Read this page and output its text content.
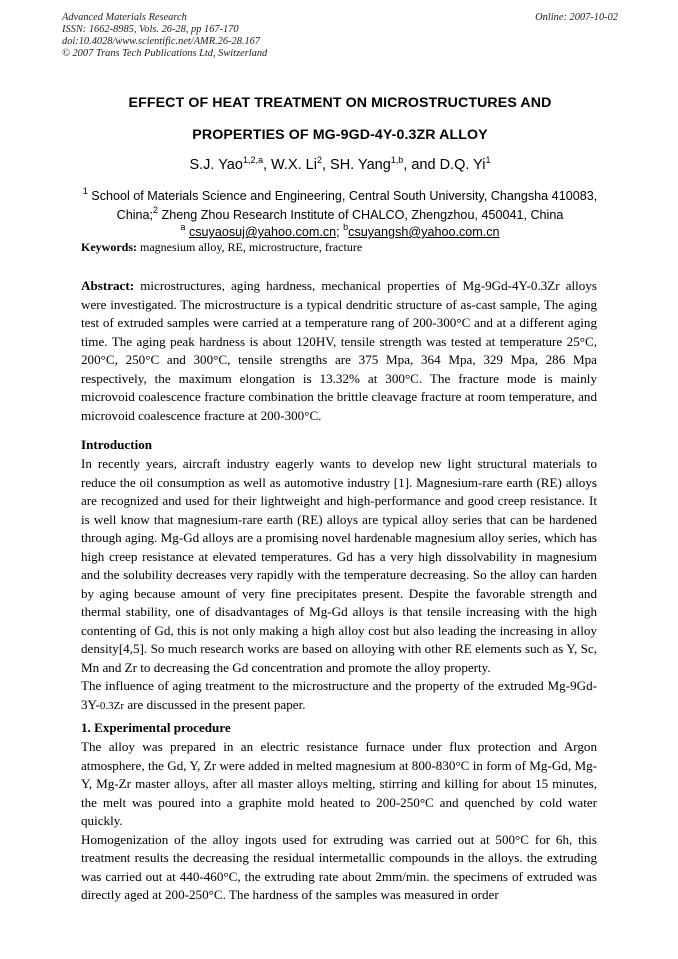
Advanced Materials Research
ISSN: 1662-8985, Vols. 26-28, pp 167-170
doi:10.4028/www.scientific.net/AMR.26-28.167
© 2007 Trans Tech Publications Ltd, Switzerland
Online: 2007-10-02
EFFECT OF HEAT TREATMENT ON MICROSTRUCTURES AND
PROPERTIES OF MG-9GD-4Y-0.3ZR ALLOY
S.J. Yao$^{1,2,a}$, W.X. Li$^2$, SH. Yang$^{1,b}$, and D.Q. Yi$^1$
$^1$ School of Materials Science and Engineering, Central South University, Changsha 410083,
China;$^2$ Zheng Zhou Research Institute of CHALCO, Zhengzhou, 450041, China
$^a$ csuyaosuj@yahoo.com.cn; $^b$csuyangsh@yahoo.com.cn
Keywords: magnesium alloy, RE, microstructure, fracture

Abstract: microstructures, aging hardness, mechanical properties of Mg-9Gd-4Y-0.3Zr alloys were investigated. The microstructure is a typical dendritic structure of as-cast sample, The aging test of extruded samples were carried at a temperature rang of 200-300°C and at a different aging time. The aging peak hardness is about 120HV, tensile strength was tested at temperature 25°C, 200°C, 250°C and 300°C, tensile strengths are 375 Mpa, 364 Mpa, 329 Mpa, 286 Mpa respectively, the maximum elongation is 13.32% at 300°C. The fracture mode is mainly microvoid coalescence fracture combination the brittle cleavage fracture at room temperature, and microvoid coalescence fracture at 200-300°C.

Introduction

In recently years, aircraft industry eagerly wants to develop new light structural materials to reduce the oil consumption as well as automotive industry [1]. Magnesium-rare earth (RE) alloys are recognized and used for their lightweight and high-performance and good creep resistance. It is well know that magnesium-rare earth (RE) alloys are typical alloy series that can be hardened through aging. Mg-Gd alloys are a promising novel hardenable magnesium alloy series, which has high creep resistance at elevated temperatures. Gd has a very high dissolvability in magnesium and the solubility decreases very rapidly with the temperature decreasing. So the alloy can harden by aging because amount of very fine precipitates present. Despite the favorable strength and thermal stability, one of disadvantages of Mg-Gd alloys is that tensile increasing with the high contenting of Gd, this is not only making a high alloy cost but also leading the increasing in alloy density[4,5]. So much research works are based on alloying with other RE elements such as Y, Sc, Mn and Zr to decreasing the Gd concentration and promote the alloy property.

The influence of aging treatment to the microstructure and the property of the extruded Mg-9Gd-3Y-0.3Zr are discussed in the present paper.

1. Experimental procedure

The alloy was prepared in an electric resistance furnace under flux protection and Argon atmosphere, the Gd, Y, Zr were added in melted magnesium at 800-830°C in form of Mg-Gd, Mg-Y, Mg-Zr master alloys, after all master alloys melting, stirring and killing for about 15 minutes, the melt was poured into a graphite mold heated to 200-250°C and quenched by cold water quickly.

Homogenization of the alloy ingots used for extruding was carried out at 500°C for 6h, this treatment results the decreasing the residual intermetallic compounds in the alloys. the extruding was carried out at 440-460°C, the extruding rate about 2mm/min. the specimens of extruded was directly aged at 200-250°C. The hardness of the samples was measured in order
